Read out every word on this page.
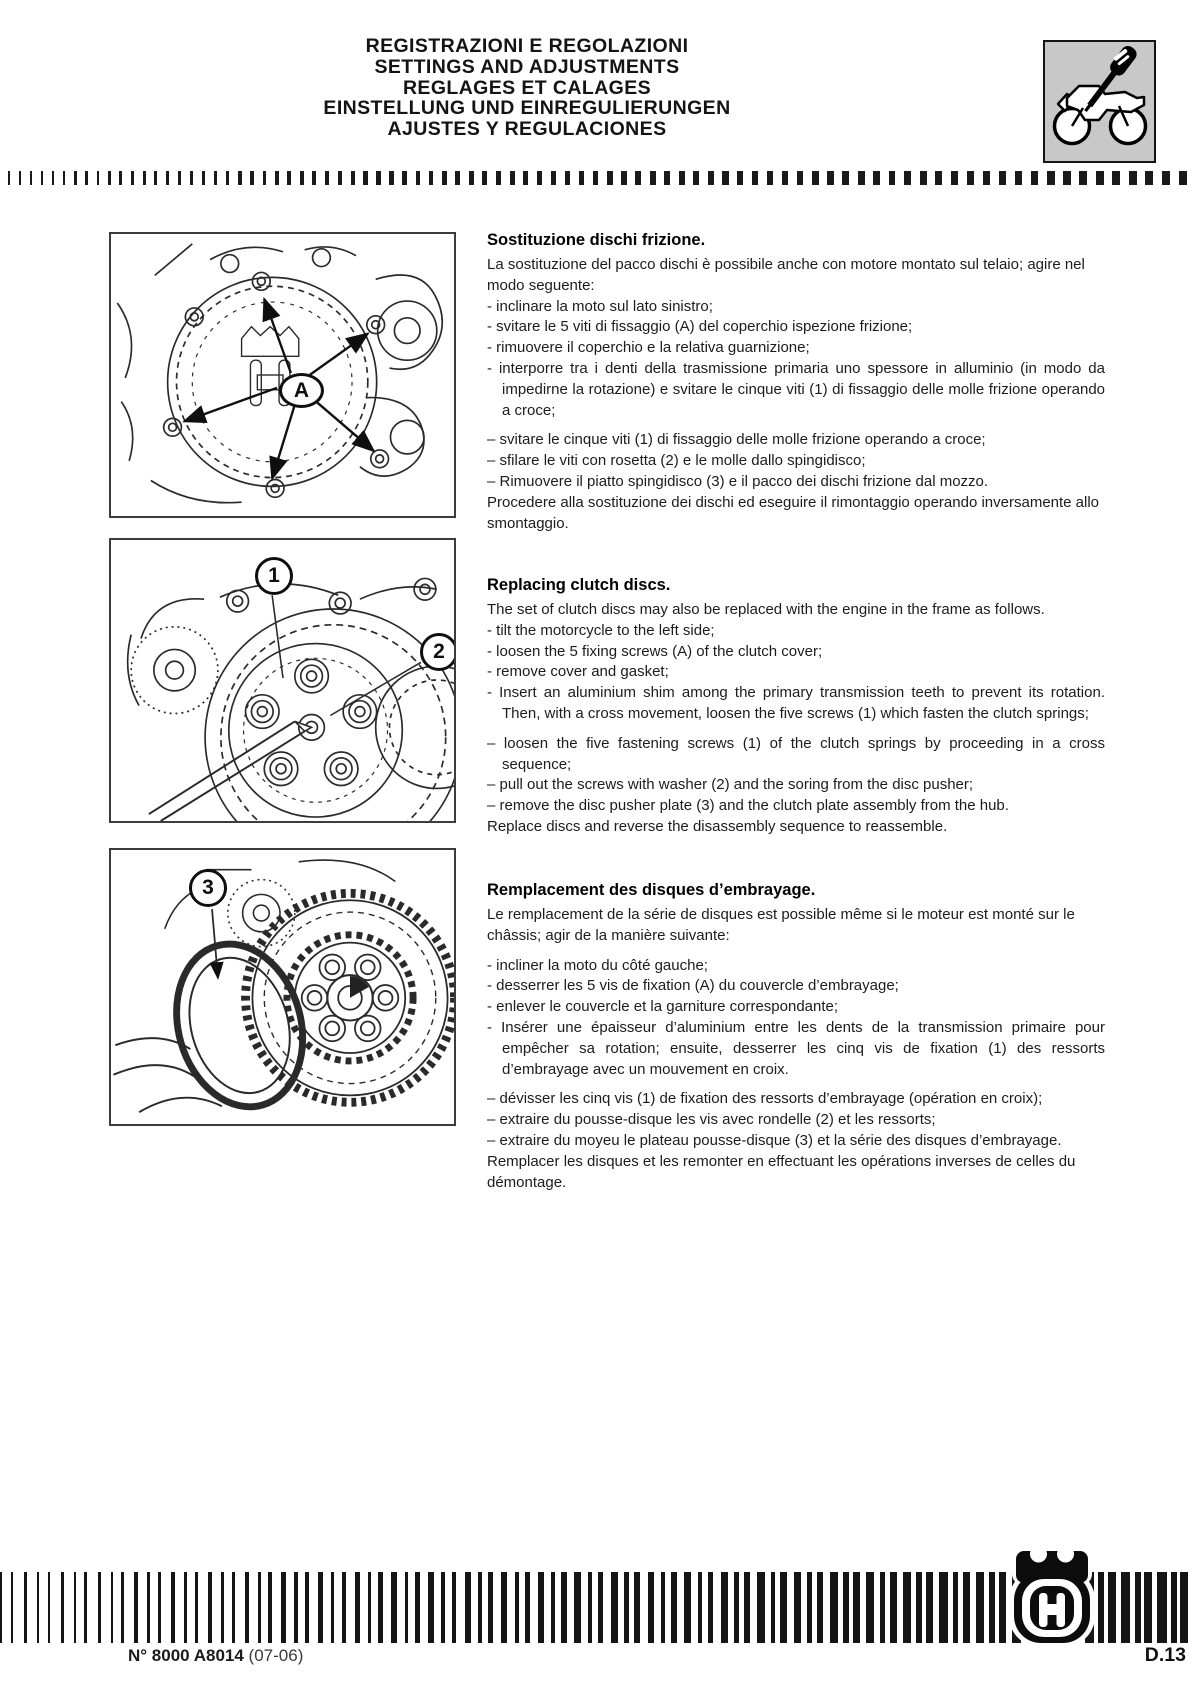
REGISTRAZIONI E REGOLAZIONI
SETTINGS AND ADJUSTMENTS
REGLAGES ET CALAGES
EINSTELLUNG UND EINREGULIERUNGEN
AJUSTES Y REGULACIONES
A
1
2
3
Sostituzione dischi frizione.

La sostituzione del pacco dischi è possibile anche con motore montato sul telaio; agire nel modo seguente:

- inclinare la moto sul lato sinistro;

- svitare le 5 viti di fissaggio (A) del coperchio ispezione frizione;

- rimuovere il coperchio e la relativa guarnizione;

- interporre tra i denti della trasmissione primaria uno spessore in alluminio (in modo da impedirne la rotazione) e svitare le cinque viti (1) di fissaggio delle molle frizione operando a croce;

– svitare le cinque viti (1) di fissaggio delle molle frizione operando a croce;

– sfilare le viti con rosetta (2) e le molle dallo spingidisco;

– Rimuovere il piatto spingidisco (3) e il pacco dei dischi frizione dal mozzo.

Procedere alla sostituzione dei dischi ed eseguire il rimontaggio operando inversamente allo smontaggio.

Replacing clutch discs.

The set of clutch discs may also be replaced with the engine in the frame as follows.

- tilt the motorcycle to the left side;

- loosen the 5 fixing screws (A) of the clutch cover;

- remove cover and gasket;

- Insert an aluminium shim among the primary transmission teeth to prevent its rotation. Then, with a cross movement, loosen the five screws (1) which fasten the clutch springs;

– loosen the five fastening screws (1) of the clutch springs by proceeding in a cross sequence;

– pull out the screws with washer (2) and the soring from the disc pusher;

– remove the disc pusher plate (3) and the clutch plate assembly from the hub.

Replace discs and reverse the disassembly sequence to reassemble.

Remplacement des disques d’embrayage.

Le remplacement de la série de disques est possible même si le moteur est monté sur le châssis; agir de la manière suivante:

- incliner la moto du côté gauche;

- desserrer les 5 vis de fixation (A) du couvercle d’embrayage;

- enlever le couvercle et la garniture correspondante;

- Insérer une épaisseur d’aluminium entre les dents de la transmission primaire pour empêcher sa rotation; ensuite, desserrer les cinq vis de fixation (1) des ressorts d’embrayage avec un mouvement en croix.

– dévisser les cinq vis (1) de fixation des ressorts d’embrayage (opération en croix);

– extraire du pousse-disque les vis avec rondelle (2) et les ressorts;

– extraire du moyeu le plateau pousse-disque (3) et la série des disques d’embrayage.

Remplacer les disques et les remonter en effectuant les opérations inverses de celles du démontage.

N° 8000 A8014 (07-06)	D.13
